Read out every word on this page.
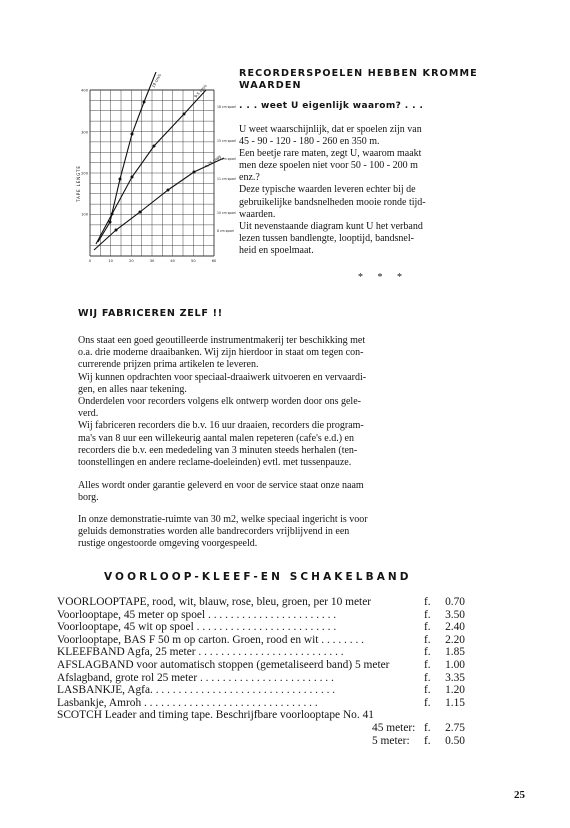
TAPE LENGTE
400
300
200
100
0	10	20	30	40	50	60
19 cm/s
9,5 cm/s
4,75 cm/s
18 cm spoel
15 cm spoel
13 cm spoel
11 cm spoel
10 cm spoel
8 cm spoel
RECORDERSPOELEN HEBBEN KROMME WAARDEN
. . . weet U eigenlijk waarom? . . .
U weet waarschijnlijk, dat er spoelen zijn van
45 - 90 - 120 - 180 - 260 en 350 m.
Een beetje rare maten, zegt U, waarom maakt
men deze spoelen niet voor 50 - 100 - 200 m
enz.?
Deze typische waarden leveren echter bij de
gebruikelijke bandsnelheden mooie ronde tijd-
waarden.
Uit nevenstaande diagram kunt U het verband
lezen tussen bandlengte, looptijd, bandsnel-
heid en spoelmaat.
* * *
WIJ FABRICEREN ZELF !!
Ons staat een goed geoutilleerde instrumentmakerij ter beschikking met
o.a. drie moderne draaibanken. Wij zijn hierdoor in staat om tegen con-
currerende prijzen prima artikelen te leveren.
Wij kunnen opdrachten voor speciaal-draaiwerk uitvoeren en vervaardi-
gen, en alles naar tekening.
Onderdelen voor recorders volgens elk ontwerp worden door ons gele-
verd.
Wij fabriceren recorders die b.v. 16 uur draaien, recorders die program-
ma's van 8 uur een willekeurig aantal malen repeteren (cafe's e.d.) en
recorders die b.v. een mededeling van 3 minuten steeds herhalen (ten-
toonstellingen en andere reclame-doeleinden) evtl. met tussenpauze.
Alles wordt onder garantie geleverd en voor de service staat onze naam
borg.
In onze demonstratie-ruimte van 30 m2, welke speciaal ingericht is voor
geluids demonstraties worden alle bandrecorders vrijblijvend in een
rustige ongestoorde omgeving voorgespeeld.
VOORLOOP-KLEEF-EN SCHAKELBAND
VOORLOOPTAPE, rood, wit, blauw, rose, bleu, groen, per 10 meter	f. 0.70
Voorlooptape, 45 meter op spoel . . . . . . . . . . . . . . . . . . . . . . .	f. 3.50
Voorlooptape, 45 wit op spoel . . . . . . . . . . . . . . . . . . . . . . . . .	f. 2.40
Voorlooptape, BAS F 50 m op carton. Groen, rood en wit . . . . . . . .	f. 2.20
KLEEFBAND Agfa, 25 meter . . . . . . . . . . . . . . . . . . . . . . . . . .	f. 1.85
AFSLAGBAND voor automatisch stoppen (gemetaliseerd band) 5 meter	f. 1.00
Afslagband, grote rol 25 meter . . . . . . . . . . . . . . . . . . . . . . . .	f. 3.35
LASBANKJE, Agfa. . . . . . . . . . . . . . . . . . . . . . . . . . . . . . . . .	f. 1.20
Lasbankje, Amroh . . . . . . . . . . . . . . . . . . . . . . . . . . . . . . .	f. 1.15
SCOTCH Leader and timing tape. Beschrijfbare voorlooptape No. 41
45 meter: f. 2.75
5 meter: f. 0.50
25
